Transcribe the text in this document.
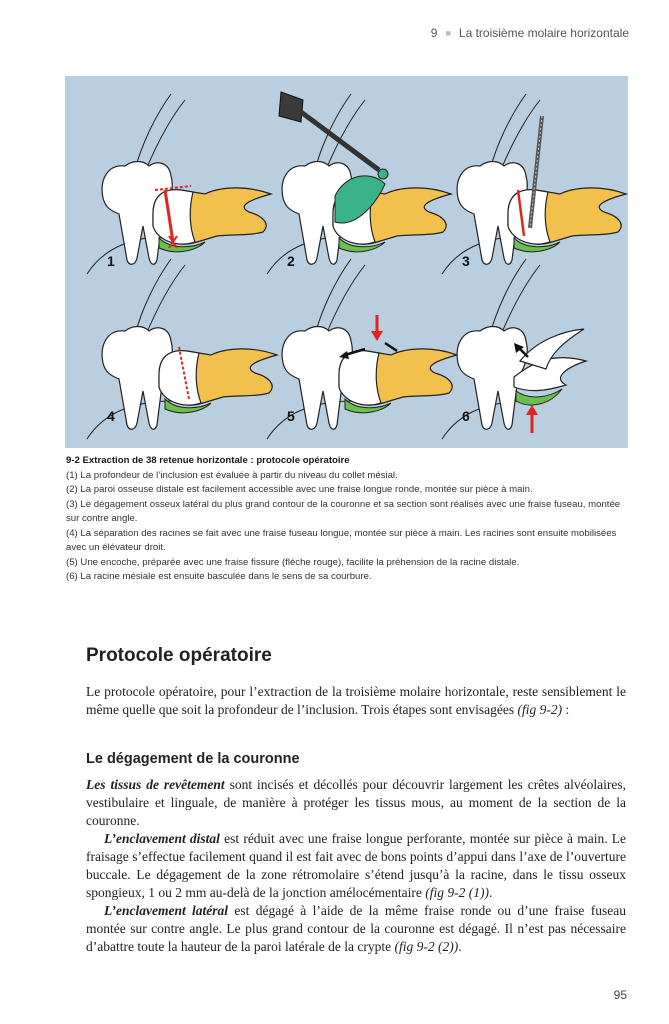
9 ■ La troisième molaire horizontale
1	2	3
4	5	6

9-2 Extraction de 38 retenue horizontale : protocole opératoire

(1) La profondeur de l’inclusion est évaluée à partir du niveau du collet mésial.

(2) La paroi osseuse distale est facilement accessible avec une fraise longue ronde, montée sur pièce à main.

(3) Le dégagement osseux latéral du plus grand contour de la couronne et sa section sont réalisés avec une fraise fuseau, montée sur contre angle.

(4) La séparation des racines se fait avec une fraise fuseau longue, montée sur pièce à main. Les racines sont ensuite mobilisées avec un élévateur droit.

(5) Une encoche, préparée avec une fraise fissure (flèche rouge), facilite la préhension de la racine distale.

(6) La racine mésiale est ensuite basculée dans le sens de sa courbure.

Protocole opératoire

Le protocole opératoire, pour l’extraction de la troisième molaire horizontale, reste sensiblement le même quelle que soit la profondeur de l’inclusion. Trois étapes sont envisagées (fig 9-2) :

Le dégagement de la couronne

Les tissus de revêtement sont incisés et décollés pour découvrir largement les crêtes alvéolaires, vestibulaire et linguale, de manière à protéger les tissus mous, au moment de la section de la couronne.

L’enclavement distal est réduit avec une fraise longue perforante, montée sur pièce à main. Le fraisage s’effectue facilement quand il est fait avec de bons points d’appui dans l’axe de l’ouverture buccale. Le dégagement de la zone rétromolaire s’étend jusqu’à la racine, dans le tissu osseux spongieux, 1 ou 2 mm au-delà de la jonction amélocémentaire (fig 9-2 (1)).

L’enclavement latéral est dégagé à l’aide de la même fraise ronde ou d’une fraise fuseau montée sur contre angle. Le plus grand contour de la couronne est dégagé. Il n’est pas nécessaire d’abattre toute la hauteur de la paroi latérale de la crypte (fig 9-2 (2)).

95
